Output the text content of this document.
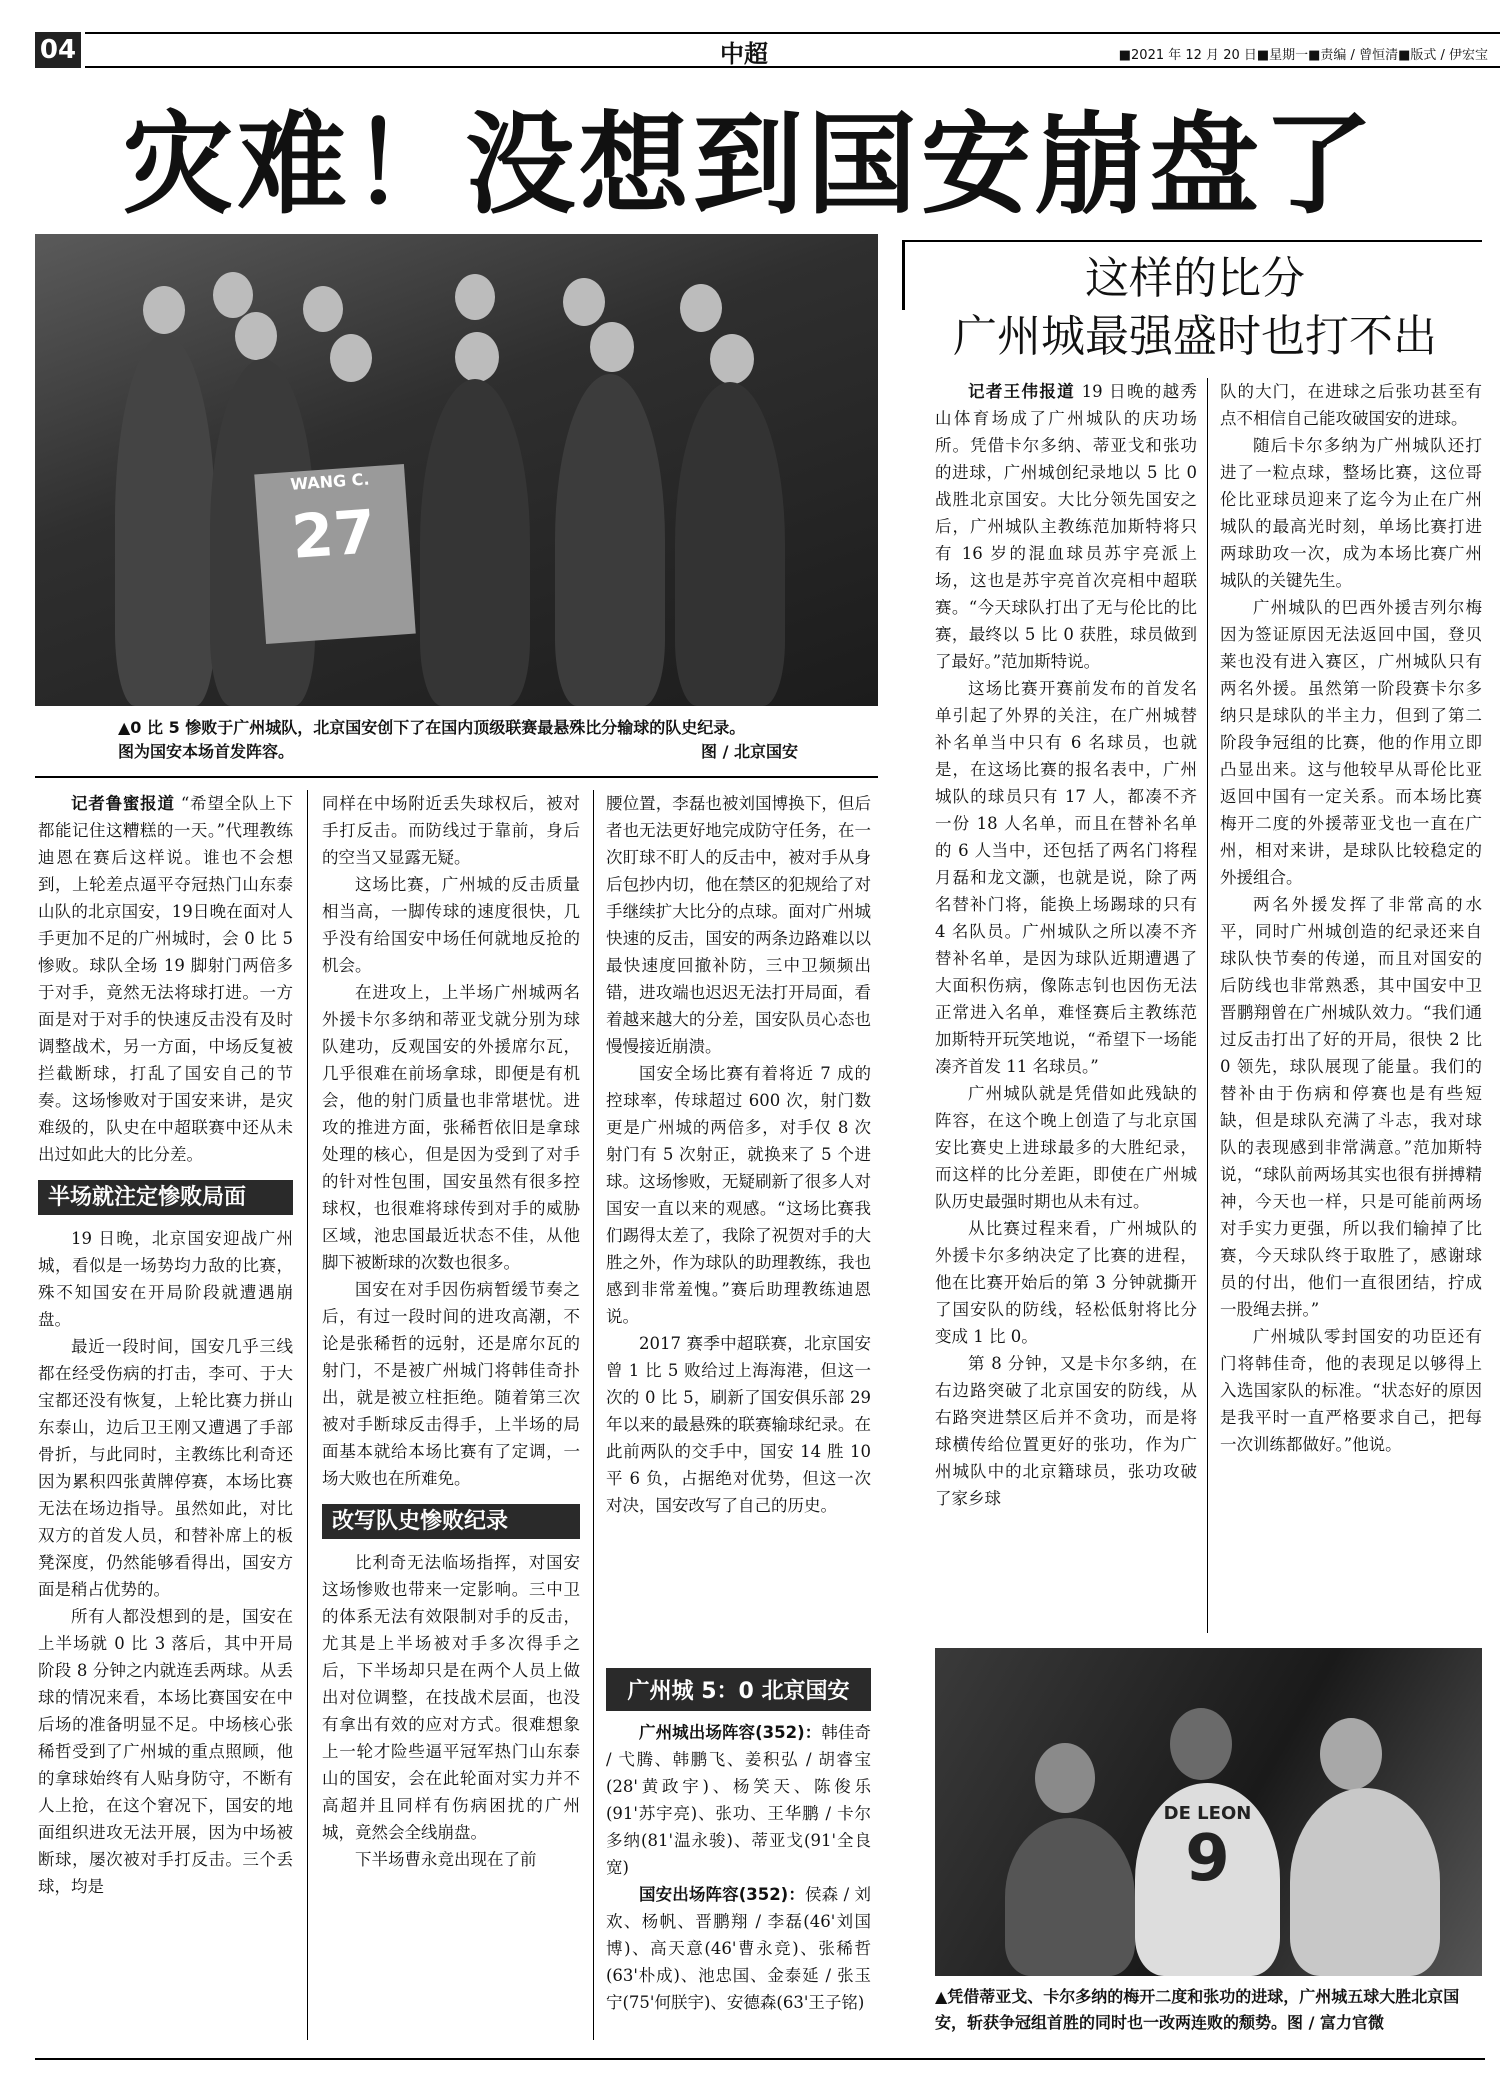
04	中超	■2021 年 12 月 20 日■星期一■责编 / 曾恒清■版式 / 伊宏宝
灾难！没想到国安崩盘了
WANG C.
27
▲0 比 5 惨败于广州城队，北京国安创下了在国内顶级联赛最悬殊比分输球的队史纪录。
图为国安本场首发阵容。	图 / 北京国安

记者鲁蜜报道 “希望全队上下都能记住这糟糕的一天。”代理教练迪恩在赛后这样说。谁也不会想到，上轮差点逼平夺冠热门山东泰山队的北京国安，19日晚在面对人手更加不足的广州城时，会 0 比 5 惨败。球队全场 19 脚射门两倍多于对手，竟然无法将球打进。一方面是对于对手的快速反击没有及时调整战术，另一方面，中场反复被拦截断球，打乱了国安自己的节奏。这场惨败对于国安来讲，是灾难级的，队史在中超联赛中还从未出过如此大的比分差。

半场就注定惨败局面

19 日晚，北京国安迎战广州城，看似是一场势均力敌的比赛，殊不知国安在开局阶段就遭遇崩盘。

最近一段时间，国安几乎三线都在经受伤病的打击，李可、于大宝都还没有恢复，上轮比赛力拼山东泰山，边后卫王刚又遭遇了手部骨折，与此同时，主教练比利奇还因为累积四张黄牌停赛，本场比赛无法在场边指导。虽然如此，对比双方的首发人员，和替补席上的板凳深度，仍然能够看得出，国安方面是稍占优势的。

所有人都没想到的是，国安在上半场就 0 比 3 落后，其中开局阶段 8 分钟之内就连丢两球。从丢球的情况来看，本场比赛国安在中后场的准备明显不足。中场核心张稀哲受到了广州城的重点照顾，他的拿球始终有人贴身防守，不断有人上抢，在这个窘况下，国安的地面组织进攻无法开展，因为中场被断球，屡次被对手打反击。三个丢球，均是

同样在中场附近丢失球权后，被对手打反击。而防线过于靠前，身后的空当又显露无疑。

这场比赛，广州城的反击质量相当高，一脚传球的速度很快，几乎没有给国安中场任何就地反抢的机会。

在进攻上，上半场广州城两名外援卡尔多纳和蒂亚戈就分别为球队建功，反观国安的外援席尔瓦，几乎很难在前场拿球，即便是有机会，他的射门质量也非常堪忧。进攻的推进方面，张稀哲依旧是拿球处理的核心，但是因为受到了对手的针对性包围，国安虽然有很多控球权，也很难将球传到对手的威胁区域，池忠国最近状态不佳，从他脚下被断球的次数也很多。

国安在对手因伤病暂缓节奏之后，有过一段时间的进攻高潮，不论是张稀哲的远射，还是席尔瓦的射门，不是被广州城门将韩佳奇扑出，就是被立柱拒绝。随着第三次被对手断球反击得手，上半场的局面基本就给本场比赛有了定调，一场大败也在所难免。

改写队史惨败纪录

比利奇无法临场指挥，对国安这场惨败也带来一定影响。三中卫的体系无法有效限制对手的反击，尤其是上半场被对手多次得手之后，下半场却只是在两个人员上做出对位调整，在技战术层面，也没有拿出有效的应对方式。很难想象上一轮才险些逼平冠军热门山东泰山的国安，会在此轮面对实力并不高超并且同样有伤病困扰的广州城，竟然会全线崩盘。

下半场曹永竞出现在了前

腰位置，李磊也被刘国博换下，但后者也无法更好地完成防守任务，在一次盯球不盯人的反击中，被对手从身后包抄内切，他在禁区的犯规给了对手继续扩大比分的点球。面对广州城快速的反击，国安的两条边路难以以最快速度回撤补防，三中卫频频出错，进攻端也迟迟无法打开局面，看着越来越大的分差，国安队员心态也慢慢接近崩溃。

国安全场比赛有着将近 7 成的控球率，传球超过 600 次，射门数更是广州城的两倍多，对手仅 8 次射门有 5 次射正，就换来了 5 个进球。这场惨败，无疑刷新了很多人对国安一直以来的观感。“这场比赛我们踢得太差了，我除了祝贺对手的大胜之外，作为球队的助理教练，我也感到非常羞愧。”赛后助理教练迪恩说。

2017 赛季中超联赛，北京国安曾 1 比 5 败给过上海海港，但这一次的 0 比 5，刷新了国安俱乐部 29 年以来的最悬殊的联赛输球纪录。在此前两队的交手中，国安 14 胜 10 平 6 负，占据绝对优势，但这一次对决，国安改写了自己的历史。

广州城 5：0 北京国安

广州城出场阵容(352)：韩佳奇 / 弋腾、韩鹏飞、姜积弘 / 胡睿宝(28'黄政宇)、杨笑天、陈俊乐(91'苏宇亮)、张功、王华鹏 / 卡尔多纳(81'温永骏)、蒂亚戈(91'全良宽)

国安出场阵容(352)：侯森 / 刘欢、杨帆、晋鹏翔 / 李磊(46'刘国博)、高天意(46'曹永竞)、张稀哲(63'朴成)、池忠国、金泰延 / 张玉宁(75'何朕宇)、安德森(63'王子铭)

这样的比分
广州城最强盛时也打不出

记者王伟报道 19 日晚的越秀山体育场成了广州城队的庆功场所。凭借卡尔多纳、蒂亚戈和张功的进球，广州城创纪录地以 5 比 0 战胜北京国安。大比分领先国安之后，广州城队主教练范加斯特将只有 16 岁的混血球员苏宇亮派上场，这也是苏宇亮首次亮相中超联赛。“今天球队打出了无与伦比的比赛，最终以 5 比 0 获胜，球员做到了最好。”范加斯特说。

这场比赛开赛前发布的首发名单引起了外界的关注，在广州城替补名单当中只有 6 名球员，也就是，在这场比赛的报名表中，广州城队的球员只有 17 人，都凑不齐一份 18 人名单，而且在替补名单的 6 人当中，还包括了两名门将程月磊和龙文灏，也就是说，除了两名替补门将，能换上场踢球的只有 4 名队员。广州城队之所以凑不齐替补名单，是因为球队近期遭遇了大面积伤病，像陈志钊也因伤无法正常进入名单，难怪赛后主教练范加斯特开玩笑地说，“希望下一场能凑齐首发 11 名球员。”

广州城队就是凭借如此残缺的阵容，在这个晚上创造了与北京国安比赛史上进球最多的大胜纪录，而这样的比分差距，即使在广州城队历史最强时期也从未有过。

从比赛过程来看，广州城队的外援卡尔多纳决定了比赛的进程，他在比赛开始后的第 3 分钟就撕开了国安队的防线，轻松低射将比分变成 1 比 0。

第 8 分钟，又是卡尔多纳，在右边路突破了北京国安的防线，从右路突进禁区后并不贪功，而是将球横传给位置更好的张功，作为广州城队中的北京籍球员，张功攻破了家乡球

队的大门，在进球之后张功甚至有点不相信自己能攻破国安的进球。

随后卡尔多纳为广州城队还打进了一粒点球，整场比赛，这位哥伦比亚球员迎来了迄今为止在广州城队的最高光时刻，单场比赛打进两球助攻一次，成为本场比赛广州城队的关键先生。

广州城队的巴西外援吉列尔梅因为签证原因无法返回中国，登贝莱也没有进入赛区，广州城队只有两名外援。虽然第一阶段赛卡尔多纳只是球队的半主力，但到了第二阶段争冠组的比赛，他的作用立即凸显出来。这与他较早从哥伦比亚返回中国有一定关系。而本场比赛梅开二度的外援蒂亚戈也一直在广州，相对来讲，是球队比较稳定的外援组合。

两名外援发挥了非常高的水平，同时广州城创造的纪录还来自球队快节奏的传递，而且对国安的后防线也非常熟悉，其中国安中卫晋鹏翔曾在广州城队效力。“我们通过反击打出了好的开局，很快 2 比 0 领先，球队展现了能量。我们的替补由于伤病和停赛也是有些短缺，但是球队充满了斗志，我对球队的表现感到非常满意。”范加斯特说，“球队前两场其实也很有拼搏精神，今天也一样，只是可能前两场对手实力更强，所以我们输掉了比赛，今天球队终于取胜了，感谢球员的付出，他们一直很团结，拧成一股绳去拼。”

广州城队零封国安的功臣还有门将韩佳奇，他的表现足以够得上入选国家队的标准。“状态好的原因是我平时一直严格要求自己，把每一次训练都做好。”他说。

DE LEON
9
▲凭借蒂亚戈、卡尔多纳的梅开二度和张功的进球，广州城五球大胜北京国安，斩获争冠组首胜的同时也一改两连败的颓势。图 / 富力官微
